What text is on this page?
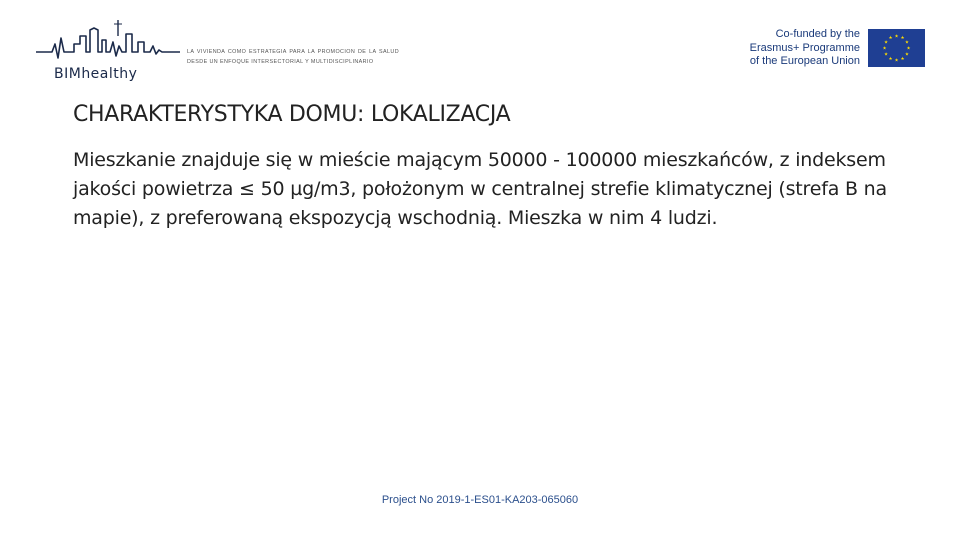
BIMhealthy
LA VIVIENDA COMO ESTRATEGIA PARA LA PROMOCION DE LA SALUD DESDE UN ENFOQUE INTERSECTORIAL Y MULTIDISCIPLINARIO
Co-funded by the
Erasmus+ Programme
of the European Union
★ ★
★
★
★
★
★
★
★
★
★
★
CHARAKTERYSTYKA DOMU: LOKALIZACJA

Mieszkanie znajduje się w mieście mającym 50000 - 100000 mieszkańców, z indeksem jakości powietrza ≤ 50 µg/m3, położonym w centralnej strefie klimatycznej (strefa B na mapie), z preferowaną ekspozycją wschodnią. Mieszka w nim 4 ludzi.

Project No 2019-1-ES01-KA203-065060
